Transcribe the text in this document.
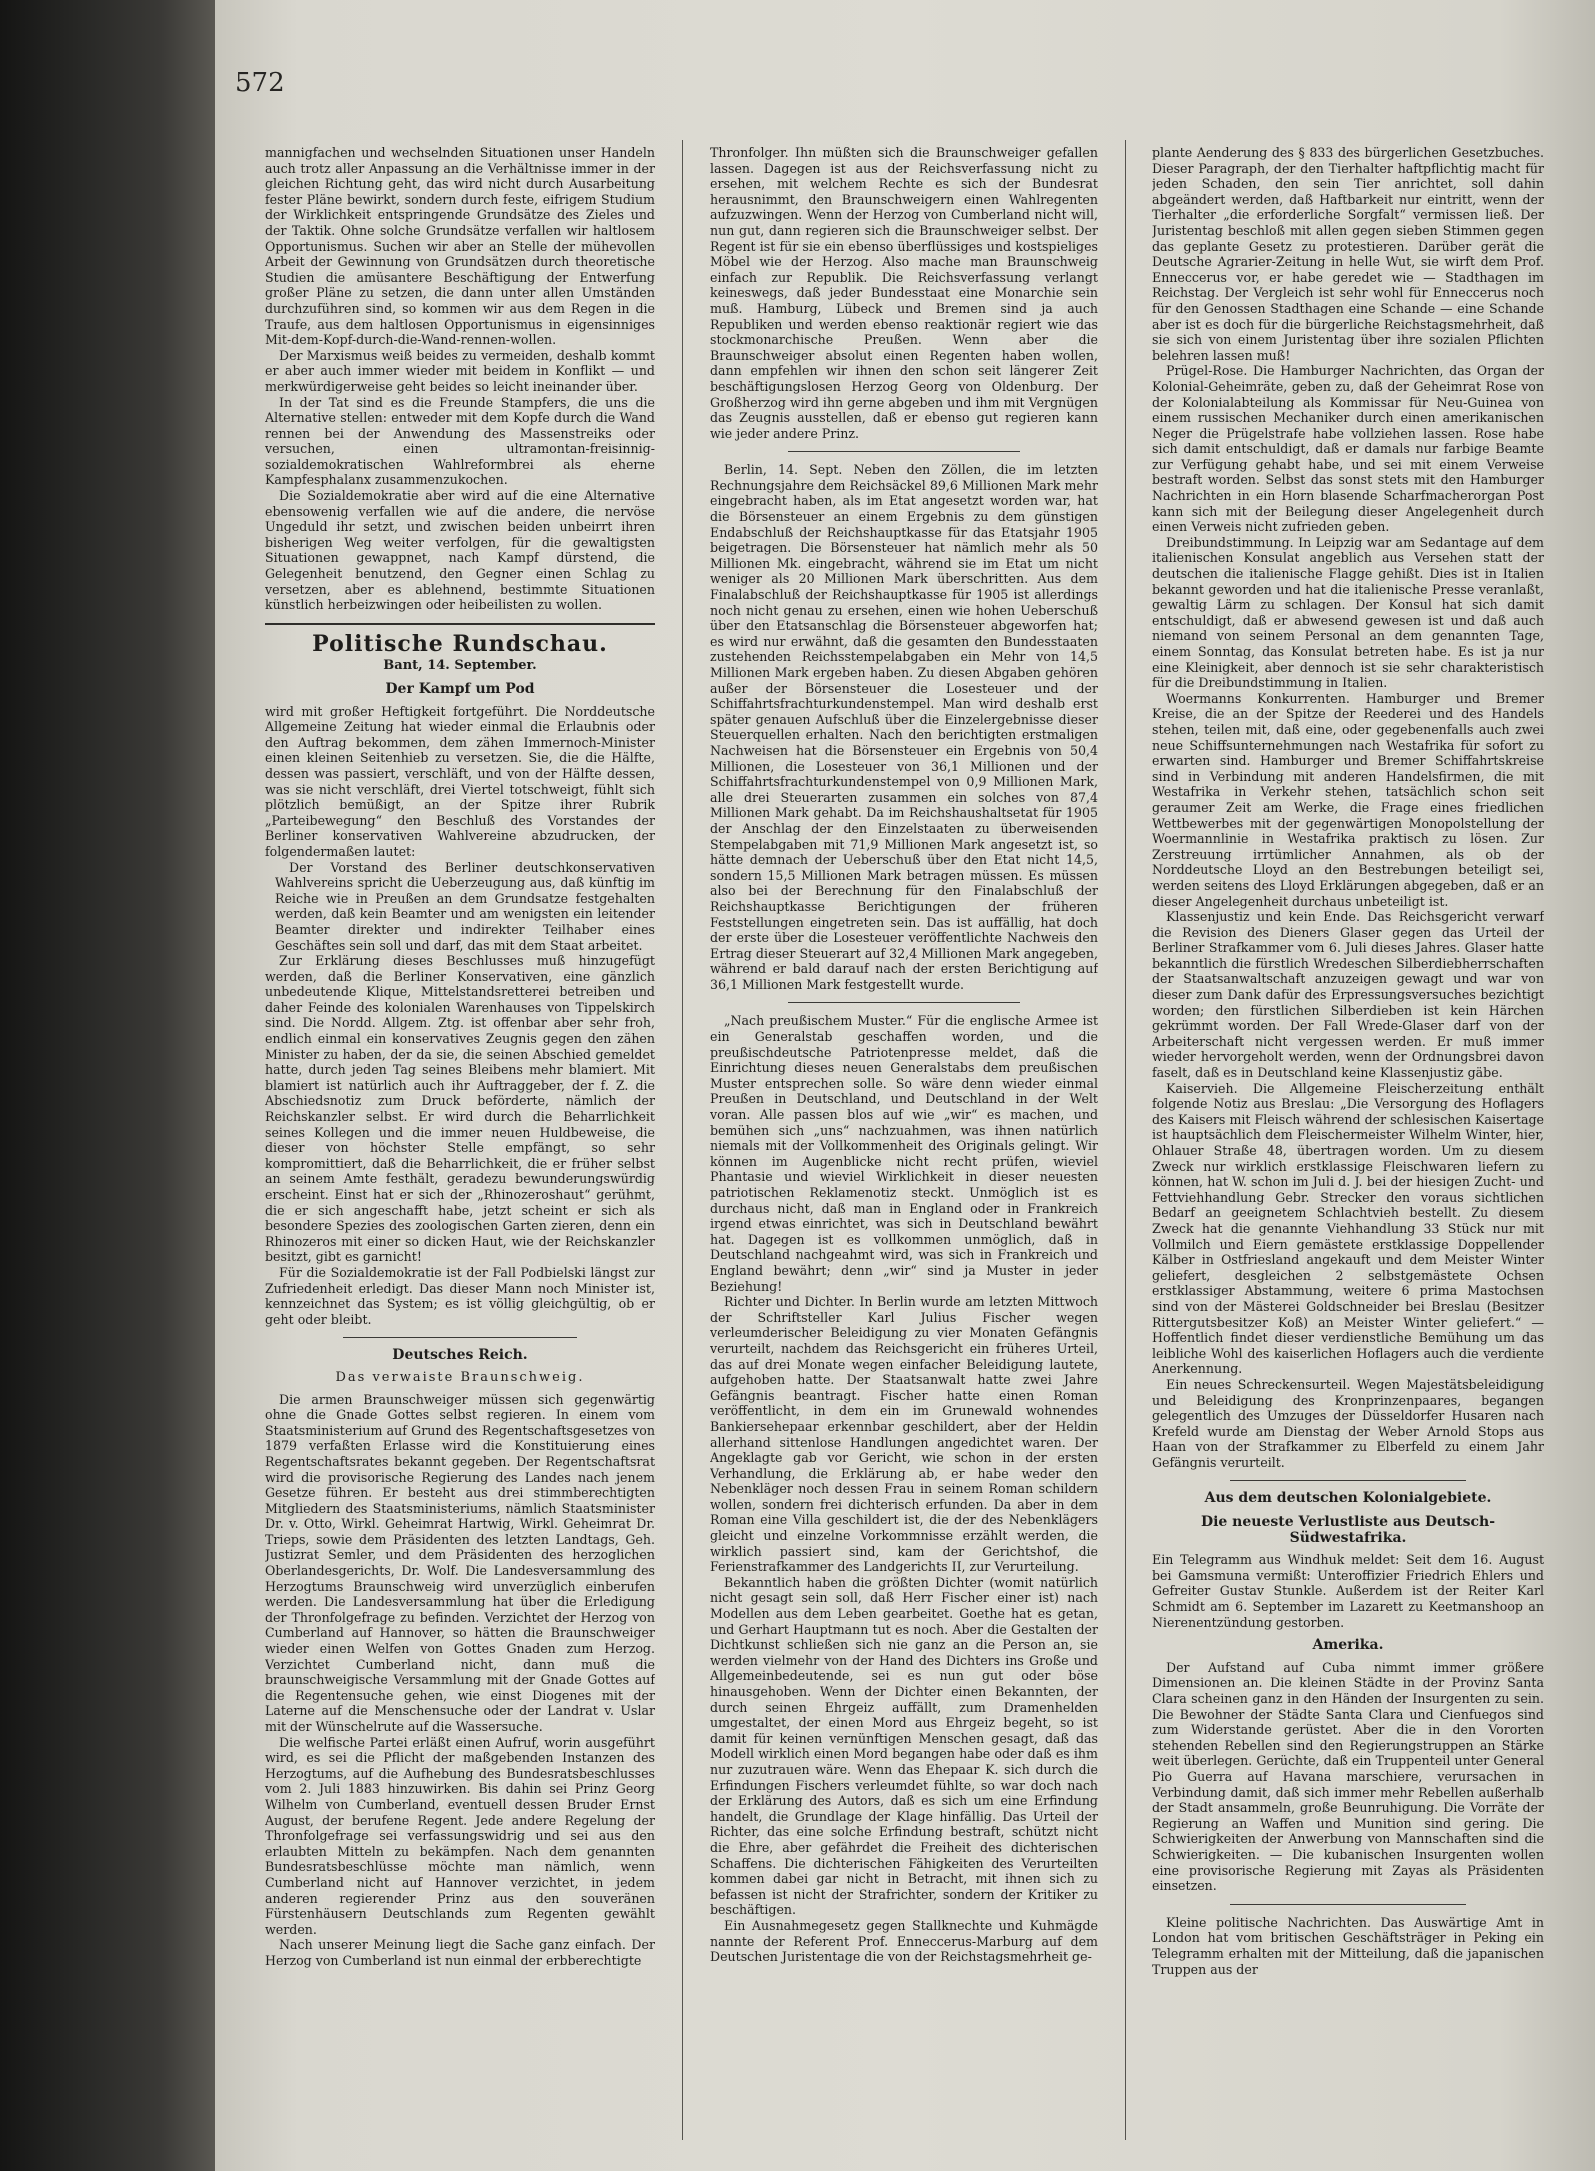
572

mannigfachen und wechselnden Situationen unser Handeln auch trotz aller Anpassung an die Verhältnisse immer in der gleichen Richtung geht, das wird nicht durch Ausarbeitung fester Pläne bewirkt, sondern durch feste, eifrigem Studium der Wirklichkeit entspringende Grundsätze des Zieles und der Taktik. Ohne solche Grundsätze verfallen wir haltlosem Opportunismus. Suchen wir aber an Stelle der mühevollen Arbeit der Gewinnung von Grundsätzen durch theoretische Studien die amüsantere Beschäftigung der Entwerfung großer Pläne zu setzen, die dann unter allen Umständen durchzuführen sind, so kommen wir aus dem Regen in die Traufe, aus dem haltlosen Opportunismus in eigensinniges Mit-dem-Kopf-durch-die-Wand-rennen-wollen.

Der Marxismus weiß beides zu vermeiden, deshalb kommt er aber auch immer wieder mit beidem in Konflikt — und merkwürdigerweise geht beides so leicht ineinander über.

In der Tat sind es die Freunde Stampfers, die uns die Alternative stellen: entweder mit dem Kopfe durch die Wand rennen bei der Anwendung des Massenstreiks oder versuchen, einen ultramontan-freisinnig-sozialdemokratischen Wahlreformbrei als eherne Kampfesphalanx zusammenzukochen.

Die Sozialdemokratie aber wird auf die eine Alternative ebensowenig verfallen wie auf die andere, die nervöse Ungeduld ihr setzt, und zwischen beiden unbeirrt ihren bisherigen Weg weiter verfolgen, für die gewaltigsten Situationen gewappnet, nach Kampf dürstend, die Gelegenheit benutzend, den Gegner einen Schlag zu versetzen, aber es ablehnend, bestimmte Situationen künstlich herbeizwingen oder heibeilisten zu wollen.

Politische Rundschau.
Bant, 14. September.
Der Kampf um Pod

wird mit großer Heftigkeit fortgeführt. Die Norddeutsche Allgemeine Zeitung hat wieder einmal die Erlaubnis oder den Auftrag bekommen, dem zähen Immernoch-Minister einen kleinen Seitenhieb zu versetzen. Sie, die die Hälfte, dessen was passiert, verschläft, und von der Hälfte dessen, was sie nicht verschläft, drei Viertel totschweigt, fühlt sich plötzlich bemüßigt, an der Spitze ihrer Rubrik „Parteibewegung“ den Beschluß des Vorstandes der Berliner konservativen Wahlvereine abzudrucken, der folgendermaßen lautet:

Der Vorstand des Berliner deutschkonservativen Wahlvereins spricht die Ueberzeugung aus, daß künftig im Reiche wie in Preußen an dem Grundsatze festgehalten werden, daß kein Beamter und am wenigsten ein leitender Beamter direkter und indirekter Teilhaber eines Geschäftes sein soll und darf, das mit dem Staat arbeitet.

Zur Erklärung dieses Beschlusses muß hinzugefügt werden, daß die Berliner Konservativen, eine gänzlich unbedeutende Klique, Mittelstandsretterei betreiben und daher Feinde des kolonialen Warenhauses von Tippelskirch sind. Die Nordd. Allgem. Ztg. ist offenbar aber sehr froh, endlich einmal ein konservatives Zeugnis gegen den zähen Minister zu haben, der da sie, die seinen Abschied gemeldet hatte, durch jeden Tag seines Bleibens mehr blamiert. Mit blamiert ist natürlich auch ihr Auftraggeber, der f. Z. die Abschiedsnotiz zum Druck beförderte, nämlich der Reichskanzler selbst. Er wird durch die Beharrlichkeit seines Kollegen und die immer neuen Huldbeweise, die dieser von höchster Stelle empfängt, so sehr kompromittiert, daß die Beharrlichkeit, die er früher selbst an seinem Amte festhält, geradezu bewunderungswürdig erscheint. Einst hat er sich der „Rhinozeroshaut“ gerühmt, die er sich angeschafft habe, jetzt scheint er sich als besondere Spezies des zoologischen Garten zieren, denn ein Rhinozeros mit einer so dicken Haut, wie der Reichskanzler besitzt, gibt es garnicht!

Für die Sozialdemokratie ist der Fall Podbielski längst zur Zufriedenheit erledigt. Das dieser Mann noch Minister ist, kennzeichnet das System; es ist völlig gleichgültig, ob er geht oder bleibt.

Deutsches Reich.
Das verwaiste Braunschweig.

Die armen Braunschweiger müssen sich gegenwärtig ohne die Gnade Gottes selbst regieren. In einem vom Staatsministerium auf Grund des Regentschaftsgesetzes von 1879 verfaßten Erlasse wird die Konstituierung eines Regentschaftsrates bekannt gegeben. Der Regentschaftsrat wird die provisorische Regierung des Landes nach jenem Gesetze führen. Er besteht aus drei stimmberechtigten Mitgliedern des Staatsministeriums, nämlich Staatsminister Dr. v. Otto, Wirkl. Geheimrat Hartwig, Wirkl. Geheimrat Dr. Trieps, sowie dem Präsidenten des letzten Landtags, Geh. Justizrat Semler, und dem Präsidenten des herzoglichen Oberlandesgerichts, Dr. Wolf. Die Landesversammlung des Herzogtums Braunschweig wird unverzüglich einberufen werden. Die Landesversammlung hat über die Erledigung der Thronfolgefrage zu befinden. Verzichtet der Herzog von Cumberland auf Hannover, so hätten die Braunschweiger wieder einen Welfen von Gottes Gnaden zum Herzog. Verzichtet Cumberland nicht, dann muß die braunschweigische Versammlung mit der Gnade Gottes auf die Regentensuche gehen, wie einst Diogenes mit der Laterne auf die Menschensuche oder der Landrat v. Uslar mit der Wünschelrute auf die Wassersuche.

Die welfische Partei erläßt einen Aufruf, worin ausgeführt wird, es sei die Pflicht der maßgebenden Instanzen des Herzogtums, auf die Aufhebung des Bundesratsbeschlusses vom 2. Juli 1883 hinzuwirken. Bis dahin sei Prinz Georg Wilhelm von Cumberland, eventuell dessen Bruder Ernst August, der berufene Regent. Jede andere Regelung der Thronfolgefrage sei verfassungswidrig und sei aus den erlaubten Mitteln zu bekämpfen. Nach dem genannten Bundesratsbeschlüsse möchte man nämlich, wenn Cumberland nicht auf Hannover verzichtet, in jedem anderen regierender Prinz aus den souveränen Fürstenhäusern Deutschlands zum Regenten gewählt werden.

Nach unserer Meinung liegt die Sache ganz einfach. Der Herzog von Cumberland ist nun einmal der erbberechtigte

Thronfolger. Ihn müßten sich die Braunschweiger gefallen lassen. Dagegen ist aus der Reichsverfassung nicht zu ersehen, mit welchem Rechte es sich der Bundesrat herausnimmt, den Braunschweigern einen Wahlregenten aufzuzwingen. Wenn der Herzog von Cumberland nicht will, nun gut, dann regieren sich die Braunschweiger selbst. Der Regent ist für sie ein ebenso überflüssiges und kostspieliges Möbel wie der Herzog. Also mache man Braunschweig einfach zur Republik. Die Reichsverfassung verlangt keineswegs, daß jeder Bundesstaat eine Monarchie sein muß. Hamburg, Lübeck und Bremen sind ja auch Republiken und werden ebenso reaktionär regiert wie das stockmonarchische Preußen. Wenn aber die Braunschweiger absolut einen Regenten haben wollen, dann empfehlen wir ihnen den schon seit längerer Zeit beschäftigungslosen Herzog Georg von Oldenburg. Der Großherzog wird ihn gerne abgeben und ihm mit Vergnügen das Zeugnis ausstellen, daß er ebenso gut regieren kann wie jeder andere Prinz.

Berlin, 14. Sept. Neben den Zöllen, die im letzten Rechnungsjahre dem Reichsäckel 89,6 Millionen Mark mehr eingebracht haben, als im Etat angesetzt worden war, hat die Börsensteuer an einem Ergebnis zu dem günstigen Endabschluß der Reichshauptkasse für das Etatsjahr 1905 beigetragen. Die Börsensteuer hat nämlich mehr als 50 Millionen Mk. eingebracht, während sie im Etat um nicht weniger als 20 Millionen Mark überschritten. Aus dem Finalabschluß der Reichshauptkasse für 1905 ist allerdings noch nicht genau zu ersehen, einen wie hohen Ueberschuß über den Etatsanschlag die Börsensteuer abgeworfen hat; es wird nur erwähnt, daß die gesamten den Bundesstaaten zustehenden Reichsstempelabgaben ein Mehr von 14,5 Millionen Mark ergeben haben. Zu diesen Abgaben gehören außer der Börsensteuer die Losesteuer und der Schiffahrtsfrachturkundenstempel. Man wird deshalb erst später genauen Aufschluß über die Einzelergebnisse dieser Steuerquellen erhalten. Nach den berichtigten erstmaligen Nachweisen hat die Börsensteuer ein Ergebnis von 50,4 Millionen, die Losesteuer von 36,1 Millionen und der Schiffahrtsfrachturkundenstempel von 0,9 Millionen Mark, alle drei Steuerarten zusammen ein solches von 87,4 Millionen Mark gehabt. Da im Reichshaushaltsetat für 1905 der Anschlag der den Einzelstaaten zu überweisenden Stempelabgaben mit 71,9 Millionen Mark angesetzt ist, so hätte demnach der Ueberschuß über den Etat nicht 14,5, sondern 15,5 Millionen Mark betragen müssen. Es müssen also bei der Berechnung für den Finalabschluß der Reichshauptkasse Berichtigungen der früheren Feststellungen eingetreten sein. Das ist auffällig, hat doch der erste über die Losesteuer veröffentlichte Nachweis den Ertrag dieser Steuerart auf 32,4 Millionen Mark angegeben, während er bald darauf nach der ersten Berichtigung auf 36,1 Millionen Mark festgestellt wurde.

„Nach preußischem Muster.“ Für die englische Armee ist ein Generalstab geschaffen worden, und die preußischdeutsche Patriotenpresse meldet, daß die Einrichtung dieses neuen Generalstabs dem preußischen Muster entsprechen solle. So wäre denn wieder einmal Preußen in Deutschland, und Deutschland in der Welt voran. Alle passen blos auf wie „wir“ es machen, und bemühen sich „uns“ nachzuahmen, was ihnen natürlich niemals mit der Vollkommenheit des Originals gelingt. Wir können im Augenblicke nicht recht prüfen, wieviel Phantasie und wieviel Wirklichkeit in dieser neuesten patriotischen Reklamenotiz steckt. Unmöglich ist es durchaus nicht, daß man in England oder in Frankreich irgend etwas einrichtet, was sich in Deutschland bewährt hat. Dagegen ist es vollkommen unmöglich, daß in Deutschland nachgeahmt wird, was sich in Frankreich und England bewährt; denn „wir“ sind ja Muster in jeder Beziehung!

Richter und Dichter. In Berlin wurde am letzten Mittwoch der Schriftsteller Karl Julius Fischer wegen verleumderischer Beleidigung zu vier Monaten Gefängnis verurteilt, nachdem das Reichsgericht ein früheres Urteil, das auf drei Monate wegen einfacher Beleidigung lautete, aufgehoben hatte. Der Staatsanwalt hatte zwei Jahre Gefängnis beantragt. Fischer hatte einen Roman veröffentlicht, in dem ein im Grunewald wohnendes Bankiersehepaar erkennbar geschildert, aber der Heldin allerhand sittenlose Handlungen angedichtet waren. Der Angeklagte gab vor Gericht, wie schon in der ersten Verhandlung, die Erklärung ab, er habe weder den Nebenkläger noch dessen Frau in seinem Roman schildern wollen, sondern frei dichterisch erfunden. Da aber in dem Roman eine Villa geschildert ist, die der des Nebenklägers gleicht und einzelne Vorkommnisse erzählt werden, die wirklich passiert sind, kam der Gerichtshof, die Ferienstrafkammer des Landgerichts II, zur Verurteilung.

Bekanntlich haben die größten Dichter (womit natürlich nicht gesagt sein soll, daß Herr Fischer einer ist) nach Modellen aus dem Leben gearbeitet. Goethe hat es getan, und Gerhart Hauptmann tut es noch. Aber die Gestalten der Dichtkunst schließen sich nie ganz an die Person an, sie werden vielmehr von der Hand des Dichters ins Große und Allgemeinbedeutende, sei es nun gut oder böse hinausgehoben. Wenn der Dichter einen Bekannten, der durch seinen Ehrgeiz auffällt, zum Dramenhelden umgestaltet, der einen Mord aus Ehrgeiz begeht, so ist damit für keinen vernünftigen Menschen gesagt, daß das Modell wirklich einen Mord begangen habe oder daß es ihm nur zuzutrauen wäre. Wenn das Ehepaar K. sich durch die Erfindungen Fischers verleumdet fühlte, so war doch nach der Erklärung des Autors, daß es sich um eine Erfindung handelt, die Grundlage der Klage hinfällig. Das Urteil der Richter, das eine solche Erfindung bestraft, schützt nicht die Ehre, aber gefährdet die Freiheit des dichterischen Schaffens. Die dichterischen Fähigkeiten des Verurteilten kommen dabei gar nicht in Betracht, mit ihnen sich zu befassen ist nicht der Strafrichter, sondern der Kritiker zu beschäftigen.

Ein Ausnahmegesetz gegen Stallknechte und Kuhmägde nannte der Referent Prof. Enneccerus-Marburg auf dem Deutschen Juristentage die von der Reichstagsmehrheit ge-

plante Aenderung des § 833 des bürgerlichen Gesetzbuches. Dieser Paragraph, der den Tierhalter haftpflichtig macht für jeden Schaden, den sein Tier anrichtet, soll dahin abgeändert werden, daß Haftbarkeit nur eintritt, wenn der Tierhalter „die erforderliche Sorgfalt“ vermissen ließ. Der Juristentag beschloß mit allen gegen sieben Stimmen gegen das geplante Gesetz zu protestieren. Darüber gerät die Deutsche Agrarier-Zeitung in helle Wut, sie wirft dem Prof. Enneccerus vor, er habe geredet wie — Stadthagen im Reichstag. Der Vergleich ist sehr wohl für Enneccerus noch für den Genossen Stadthagen eine Schande — eine Schande aber ist es doch für die bürgerliche Reichstagsmehrheit, daß sie sich von einem Juristentag über ihre sozialen Pflichten belehren lassen muß!

Prügel-Rose. Die Hamburger Nachrichten, das Organ der Kolonial-Geheimräte, geben zu, daß der Geheimrat Rose von der Kolonialabteilung als Kommissar für Neu-Guinea von einem russischen Mechaniker durch einen amerikanischen Neger die Prügelstrafe habe vollziehen lassen. Rose habe sich damit entschuldigt, daß er damals nur farbige Beamte zur Verfügung gehabt habe, und sei mit einem Verweise bestraft worden. Selbst das sonst stets mit den Hamburger Nachrichten in ein Horn blasende Scharfmacherorgan Post kann sich mit der Beilegung dieser Angelegenheit durch einen Verweis nicht zufrieden geben.

Dreibundstimmung. In Leipzig war am Sedantage auf dem italienischen Konsulat angeblich aus Versehen statt der deutschen die italienische Flagge gehißt. Dies ist in Italien bekannt geworden und hat die italienische Presse veranlaßt, gewaltig Lärm zu schlagen. Der Konsul hat sich damit entschuldigt, daß er abwesend gewesen ist und daß auch niemand von seinem Personal an dem genannten Tage, einem Sonntag, das Konsulat betreten habe. Es ist ja nur eine Kleinigkeit, aber dennoch ist sie sehr charakteristisch für die Dreibundstimmung in Italien.

Woermanns Konkurrenten. Hamburger und Bremer Kreise, die an der Spitze der Reederei und des Handels stehen, teilen mit, daß eine, oder gegebenenfalls auch zwei neue Schiffsunternehmungen nach Westafrika für sofort zu erwarten sind. Hamburger und Bremer Schiffahrtskreise sind in Verbindung mit anderen Handelsfirmen, die mit Westafrika in Verkehr stehen, tatsächlich schon seit geraumer Zeit am Werke, die Frage eines friedlichen Wettbewerbes mit der gegenwärtigen Monopolstellung der Woermannlinie in Westafrika praktisch zu lösen. Zur Zerstreuung irrtümlicher Annahmen, als ob der Norddeutsche Lloyd an den Bestrebungen beteiligt sei, werden seitens des Lloyd Erklärungen abgegeben, daß er an dieser Angelegenheit durchaus unbeteiligt ist.

Klassenjustiz und kein Ende. Das Reichsgericht verwarf die Revision des Dieners Glaser gegen das Urteil der Berliner Strafkammer vom 6. Juli dieses Jahres. Glaser hatte bekanntlich die fürstlich Wredeschen Silberdiebherrschaften der Staatsanwaltschaft anzuzeigen gewagt und war von dieser zum Dank dafür des Erpressungsversuches bezichtigt worden; den fürstlichen Silberdieben ist kein Härchen gekrümmt worden. Der Fall Wrede-Glaser darf von der Arbeiterschaft nicht vergessen werden. Er muß immer wieder hervorgeholt werden, wenn der Ordnungsbrei davon faselt, daß es in Deutschland keine Klassenjustiz gäbe.

Kaiservieh. Die Allgemeine Fleischerzeitung enthält folgende Notiz aus Breslau: „Die Versorgung des Hoflagers des Kaisers mit Fleisch während der schlesischen Kaisertage ist hauptsächlich dem Fleischermeister Wilhelm Winter, hier, Ohlauer Straße 48, übertragen worden. Um zu diesem Zweck nur wirklich erstklassige Fleischwaren liefern zu können, hat W. schon im Juli d. J. bei der hiesigen Zucht- und Fettviehhandlung Gebr. Strecker den voraus sichtlichen Bedarf an geeignetem Schlachtvieh bestellt. Zu diesem Zweck hat die genannte Viehhandlung 33 Stück nur mit Vollmilch und Eiern gemästete erstklassige Doppellender Kälber in Ostfriesland angekauft und dem Meister Winter geliefert, desgleichen 2 selbstgemästete Ochsen erstklassiger Abstammung, weitere 6 prima Mastochsen sind von der Mästerei Goldschneider bei Breslau (Besitzer Rittergutsbesitzer Koß) an Meister Winter geliefert.“ — Hoffentlich findet dieser verdienstliche Bemühung um das leibliche Wohl des kaiserlichen Hoflagers auch die verdiente Anerkennung.

Ein neues Schreckensurteil. Wegen Majestätsbeleidigung und Beleidigung des Kronprinzenpaares, begangen gelegentlich des Umzuges der Düsseldorfer Husaren nach Krefeld wurde am Dienstag der Weber Arnold Stops aus Haan von der Strafkammer zu Elberfeld zu einem Jahr Gefängnis verurteilt.

Aus dem deutschen Kolonialgebiete.
Die neueste Verlustliste aus Deutsch-Südwestafrika.

Ein Telegramm aus Windhuk meldet: Seit dem 16. August bei Gamsmuna vermißt: Unteroffizier Friedrich Ehlers und Gefreiter Gustav Stunkle. Außerdem ist der Reiter Karl Schmidt am 6. September im Lazarett zu Keetmanshoop an Nierenentzündung gestorben.

Amerika.

Der Aufstand auf Cuba nimmt immer größere Dimensionen an. Die kleinen Städte in der Provinz Santa Clara scheinen ganz in den Händen der Insurgenten zu sein. Die Bewohner der Städte Santa Clara und Cienfuegos sind zum Widerstande gerüstet. Aber die in den Vororten stehenden Rebellen sind den Regierungstruppen an Stärke weit überlegen. Gerüchte, daß ein Truppenteil unter General Pio Guerra auf Havana marschiere, verursachen in Verbindung damit, daß sich immer mehr Rebellen außerhalb der Stadt ansammeln, große Beunruhigung. Die Vorräte der Regierung an Waffen und Munition sind gering. Die Schwierigkeiten der Anwerbung von Mannschaften sind die Schwierigkeiten. — Die kubanischen Insurgenten wollen eine provisorische Regierung mit Zayas als Präsidenten einsetzen.

Kleine politische Nachrichten. Das Auswärtige Amt in London hat vom britischen Geschäftsträger in Peking ein Telegramm erhalten mit der Mitteilung, daß die japanischen Truppen aus der
